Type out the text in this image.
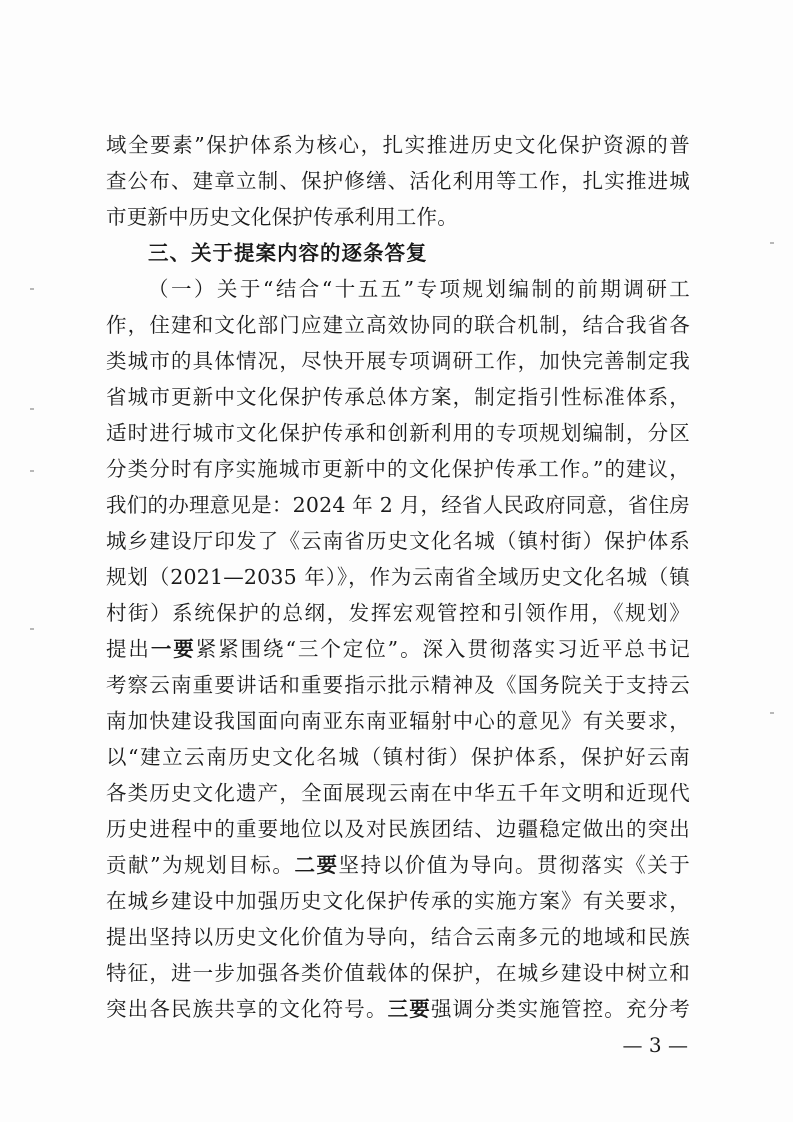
域全要素”保护体系为核心，扎实推进历史文化保护资源的普
查公布、建章立制、保护修缮、活化利用等工作，扎实推进城
市更新中历史文化保护传承利用工作。
三、关于提案内容的逐条答复
（一）关于“结合“十五五”专项规划编制的前期调研工
作，住建和文化部门应建立高效协同的联合机制，结合我省各
类城市的具体情况，尽快开展专项调研工作，加快完善制定我
省城市更新中文化保护传承总体方案，制定指引性标准体系，
适时进行城市文化保护传承和创新利用的专项规划编制，分区
分类分时有序实施城市更新中的文化保护传承工作。”的建议，
我们的办理意见是：2024 年 2 月，经省人民政府同意，省住房
城乡建设厅印发了《云南省历史文化名城（镇村街）保护体系
规划（2021—2035 年）》，作为云南省全域历史文化名城（镇
村街）系统保护的总纲，发挥宏观管控和引领作用，《规划》
提出一要紧紧围绕“三个定位”。深入贯彻落实习近平总书记
考察云南重要讲话和重要指示批示精神及《国务院关于支持云
南加快建设我国面向南亚东南亚辐射中心的意见》有关要求，
以“建立云南历史文化名城（镇村街）保护体系，保护好云南
各类历史文化遗产，全面展现云南在中华五千年文明和近现代
历史进程中的重要地位以及对民族团结、边疆稳定做出的突出
贡献”为规划目标。二要坚持以价值为导向。贯彻落实《关于
在城乡建设中加强历史文化保护传承的实施方案》有关要求，
提出坚持以历史文化价值为导向，结合云南多元的地域和民族
特征，进一步加强各类价值载体的保护，在城乡建设中树立和
突出各民族共享的文化符号。三要强调分类实施管控。充分考
— 3 —
